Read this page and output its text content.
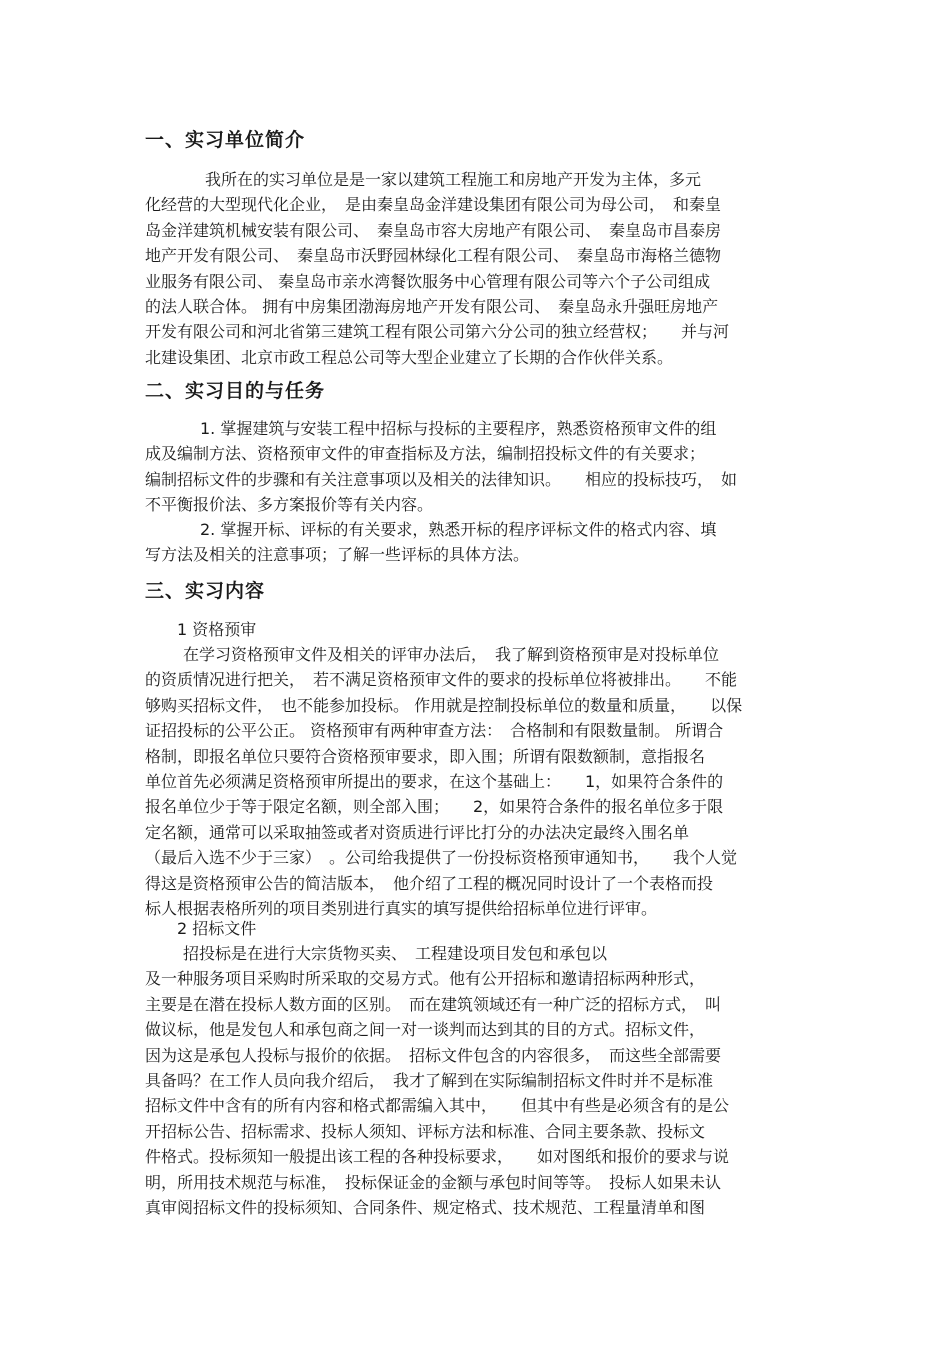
一、实习单位简介
我所在的实习单位是是一家以建筑工程施工和房地产开发为主体，多元
化经营的大型现代化企业，　是由秦皇岛金洋建设集团有限公司为母公司，　和秦皇
岛金洋建筑机械安装有限公司、　秦皇岛市容大房地产有限公司、　秦皇岛市昌泰房
地产开发有限公司、　秦皇岛市沃野园林绿化工程有限公司、　秦皇岛市海格兰德物
业服务有限公司、 秦皇岛市亲水湾餐饮服务中心管理有限公司等六个子公司组成
的法人联合体。 拥有中房集团渤海房地产开发有限公司、　秦皇岛永升强旺房地产
开发有限公司和河北省第三建筑工程有限公司第六分公司的独立经营权；　　并与河
北建设集团、北京市政工程总公司等大型企业建立了长期的合作伙伴关系。
二、实习目的与任务
1. 掌握建筑与安装工程中招标与投标的主要程序，熟悉资格预审文件的组
成及编制方法、资格预审文件的审查指标及方法，编制招投标文件的有关要求；
编制招标文件的步骤和有关注意事项以及相关的法律知识。　　相应的投标技巧，　如
不平衡报价法、多方案报价等有关内容。
2. 掌握开标、评标的有关要求，熟悉开标的程序评标文件的格式内容、填
写方法及相关的注意事项；了解一些评标的具体方法。
三、实习内容
1 资格预审
在学习资格预审文件及相关的评审办法后，　我了解到资格预审是对投标单位
的资质情况进行把关，　若不满足资格预审文件的要求的投标单位将被排出。　　不能
够购买招标文件，　也不能参加投标。 作用就是控制投标单位的数量和质量，　　以保
证招投标的公平公正。 资格预审有两种审查方法：　合格制和有限数量制。 所谓合
格制，即报名单位只要符合资格预审要求，即入围；所谓有限数额制，意指报名
单位首先必须满足资格预审所提出的要求，在这个基础上：　　1，如果符合条件的
报名单位少于等于限定名额，则全部入围；　　2，如果符合条件的报名单位多于限
定名额，通常可以采取抽签或者对资质进行评比打分的办法决定最终入围名单
（最后入选不少于三家）　。公司给我提供了一份投标资格预审通知书，　　我个人觉
得这是资格预审公告的简洁版本，　他介绍了工程的概况同时设计了一个表格而投
标人根据表格所列的项目类别进行真实的填写提供给招标单位进行评审。
2 招标文件
招投标是在进行大宗货物买卖、　工程建设项目发包和承包以
及一种服务项目采购时所采取的交易方式。他有公开招标和邀请招标两种形式，
主要是在潜在投标人数方面的区别。　而在建筑领域还有一种广泛的招标方式，　叫
做议标，他是发包人和承包商之间一对一谈判而达到其的目的方式。招标文件，
因为这是承包人投标与报价的依据。　招标文件包含的内容很多，　而这些全部需要
具备吗？在工作人员向我介绍后，　我才了解到在实际编制招标文件时并不是标准
招标文件中含有的所有内容和格式都需编入其中，　　但其中有些是必须含有的是公
开招标公告、招标需求、投标人须知、评标方法和标准、合同主要条款、投标文
件格式。投标须知一般提出该工程的各种投标要求，　　如对图纸和报价的要求与说
明，所用技术规范与标准，　投标保证金的金额与承包时间等等。　投标人如果未认
真审阅招标文件的投标须知、合同条件、规定格式、技术规范、工程量清单和图
